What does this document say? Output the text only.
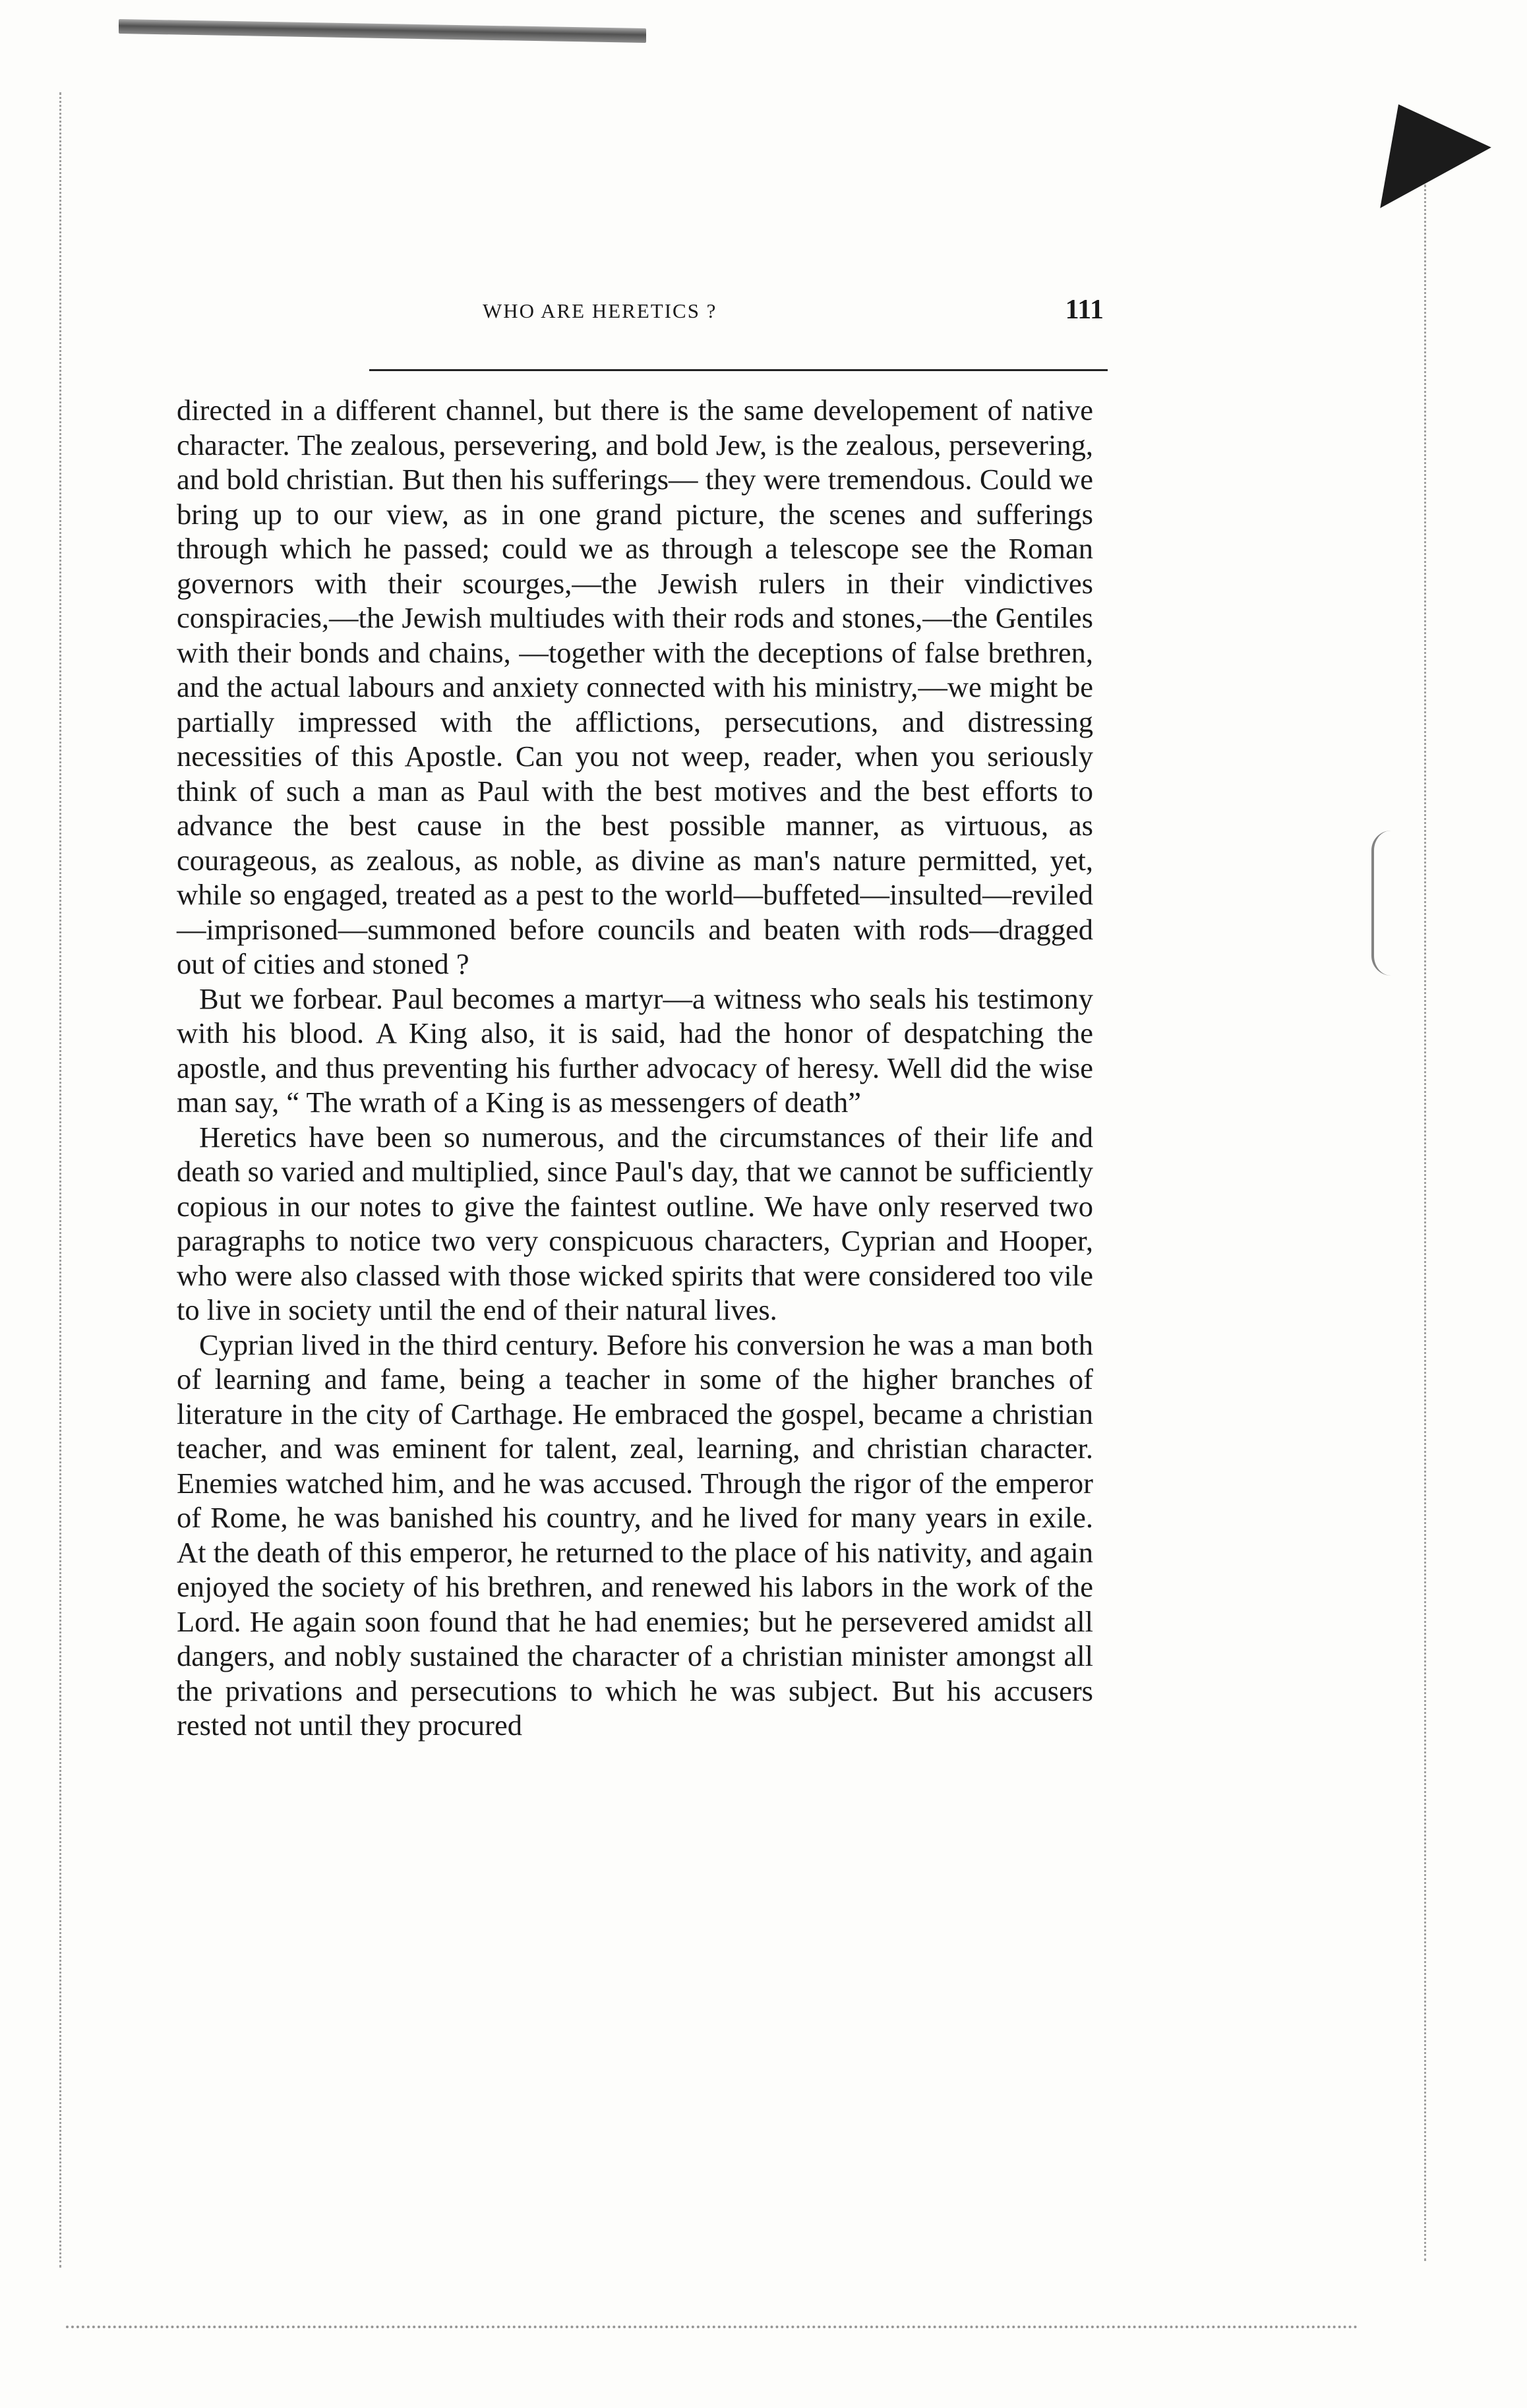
WHO ARE HERETICS ?	111

directed in a different channel, but there is the same developement of native character. The zealous, persevering, and bold Jew, is the zealous, persevering, and bold christian. But then his sufferings— they were tremendous. Could we bring up to our view, as in one grand picture, the scenes and sufferings through which he passed; could we as through a telescope see the Roman governors with their scourges,—the Jewish rulers in their vindictives conspiracies,—the Jewish multiudes with their rods and stones,—the Gentiles with their bonds and chains, —together with the deceptions of false brethren, and the actual labours and anxiety connected with his ministry,—we might be partially impressed with the afflictions, persecutions, and distressing necessities of this Apostle. Can you not weep, reader, when you seriously think of such a man as Paul with the best motives and the best efforts to advance the best cause in the best possible manner, as virtuous, as courageous, as zealous, as noble, as divine as man's nature permitted, yet, while so engaged, treated as a pest to the world—buffeted—insulted—reviled—imprisoned—summoned before councils and beaten with rods—dragged out of cities and stoned ?

But we forbear. Paul becomes a martyr—a witness who seals his testimony with his blood. A King also, it is said, had the honor of despatching the apostle, and thus preventing his further advocacy of heresy. Well did the wise man say, “ The wrath of a King is as messengers of death”

Heretics have been so numerous, and the circumstances of their life and death so varied and multiplied, since Paul's day, that we cannot be sufficiently copious in our notes to give the faintest outline. We have only reserved two paragraphs to notice two very conspicuous characters, Cyprian and Hooper, who were also classed with those wicked spirits that were considered too vile to live in society until the end of their natural lives.

Cyprian lived in the third century. Before his conversion he was a man both of learning and fame, being a teacher in some of the higher branches of literature in the city of Carthage. He embraced the gospel, became a christian teacher, and was eminent for talent, zeal, learning, and christian character. Enemies watched him, and he was accused. Through the rigor of the emperor of Rome, he was banished his country, and he lived for many years in exile. At the death of this emperor, he returned to the place of his nativity, and again enjoyed the society of his brethren, and renewed his labors in the work of the Lord. He again soon found that he had enemies; but he persevered amidst all dangers, and nobly sustained the character of a christian minister amongst all the privations and persecutions to which he was subject. But his accusers rested not until they procured
